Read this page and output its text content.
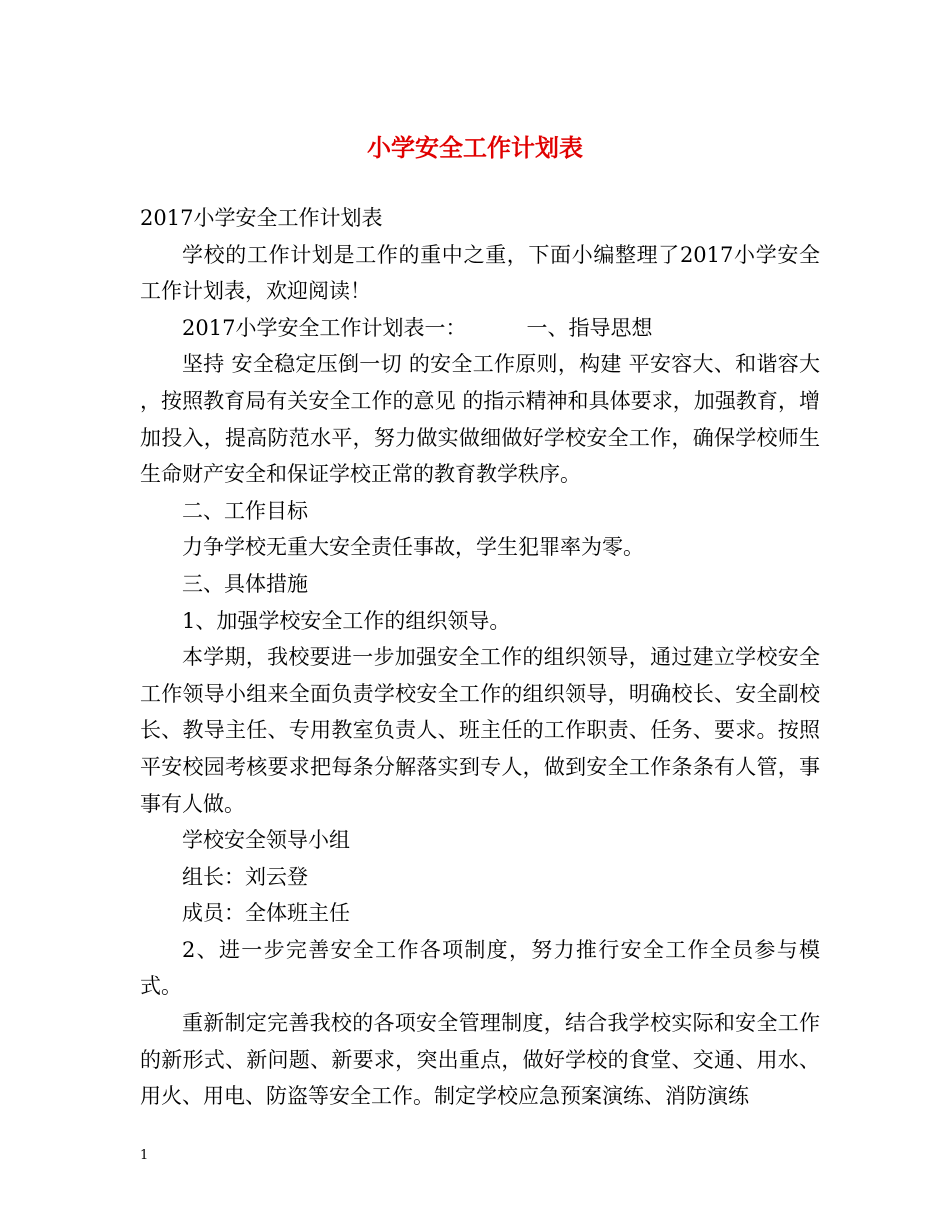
小学安全工作计划表

2017小学安全工作计划表

学校的工作计划是工作的重中之重，下面小编整理了2017小学安全工作计划表，欢迎阅读！

2017小学安全工作计划表一：	一、指导思想

坚持 安全稳定压倒一切 的安全工作原则，构建 平安容大、和谐容大 ，按照教育局有关安全工作的意见 的指示精神和具体要求，加强教育，增加投入，提高防范水平，努力做实做细做好学校安全工作，确保学校师生生命财产安全和保证学校正常的教育教学秩序。

二、工作目标

力争学校无重大安全责任事故，学生犯罪率为零。

三、具体措施

1、加强学校安全工作的组织领导。

本学期，我校要进一步加强安全工作的组织领导，通过建立学校安全工作领导小组来全面负责学校安全工作的组织领导，明确校长、安全副校长、教导主任、专用教室负责人、班主任的工作职责、任务、要求。按照平安校园考核要求把每条分解落实到专人，做到安全工作条条有人管，事事有人做。

学校安全领导小组

组长：刘云登

成员：全体班主任

2、进一步完善安全工作各项制度，努力推行安全工作全员参与模式。

重新制定完善我校的各项安全管理制度，结合我学校实际和安全工作的新形式、新问题、新要求，突出重点，做好学校的食堂、交通、用水、用火、用电、防盗等安全工作。制定学校应急预案演练、消防演练

1
